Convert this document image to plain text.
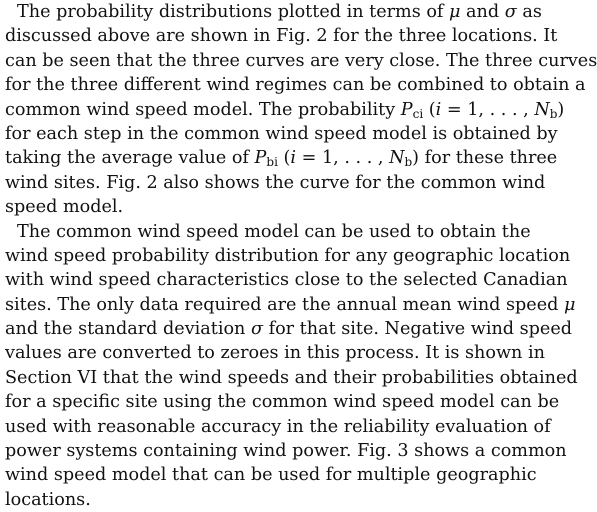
The probability distributions plotted in terms of μ and σ as
discussed above are shown in Fig. 2 for the three locations. It
can be seen that the three curves are very close. The three curves
for the three different wind regimes can be combined to obtain a
common wind speed model. The probability $P_{ci}$ (i = 1, . . . , $N_b$)
for each step in the common wind speed model is obtained by
taking the average value of $P_{bi}$ (i = 1, . . . , $N_b$) for these three
wind sites. Fig. 2 also shows the curve for the common wind
speed model.
The common wind speed model can be used to obtain the
wind speed probability distribution for any geographic location
with wind speed characteristics close to the selected Canadian
sites. The only data required are the annual mean wind speed μ
and the standard deviation σ for that site. Negative wind speed
values are converted to zeroes in this process. It is shown in
Section VI that the wind speeds and their probabilities obtained
for a specific site using the common wind speed model can be
used with reasonable accuracy in the reliability evaluation of
power systems containing wind power. Fig. 3 shows a common
wind speed model that can be used for multiple geographic
locations.
